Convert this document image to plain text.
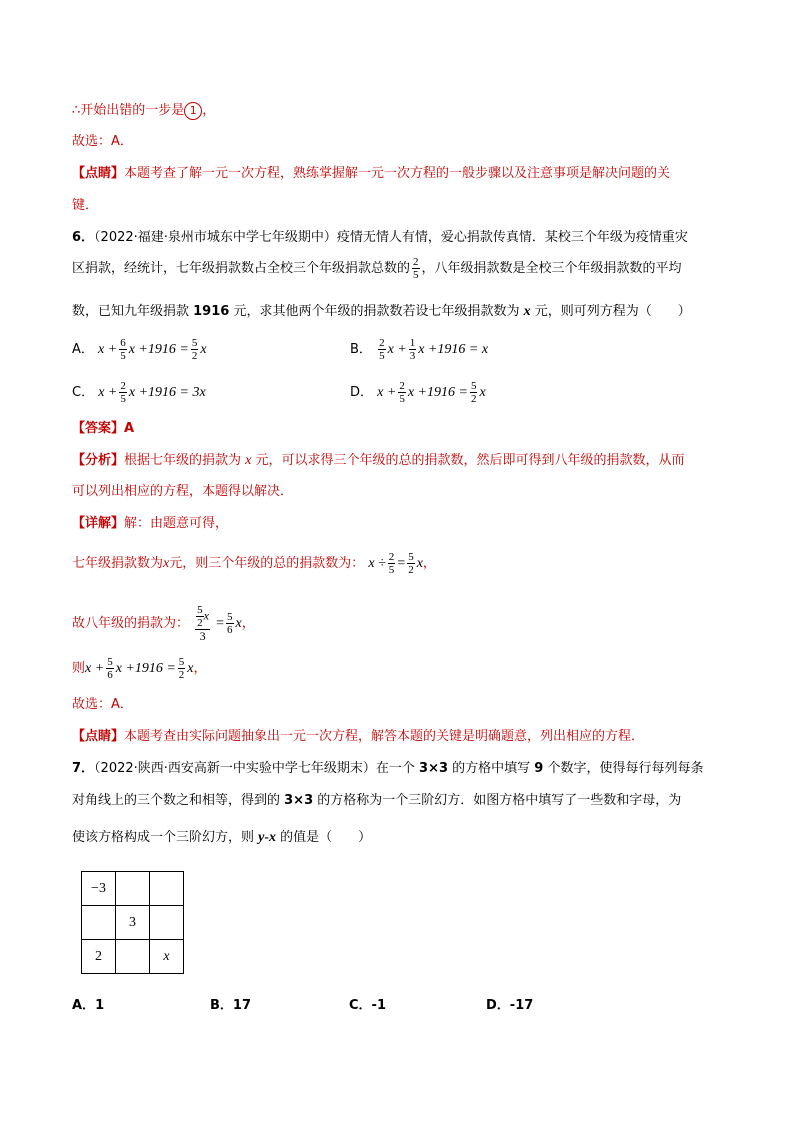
∴开始出错的一步是 1 ，
故选：A．
【点睛】本题考查了解一元一次方程，熟练掌握解一元一次方程的一般步骤以及注意事项是解决问题的关
键．
6．（2022·福建·泉州市城东中学七年级期中）疫情无情人有情，爱心捐款传真情．某校三个年级为疫情重灾
区捐款，经统计，七年级捐款数占全校三个年级捐款总数的 $\frac{2}{5}$ ，八年级捐款数是全校三个年级捐款数的平均
数，已知九年级捐款 1916 元，求其他两个年级的捐款数若设七年级捐款数为 x 元，则可列方程为（　　）
A． $x + \frac{6}{5}$ $x +1916 = \frac{5}{2}$ x	B． $\frac{2}{5}$ $x + \frac{1}{3}$ x +1916 = x
C． $x + \frac{2}{5}$ x +1916 = 3x	D． $x + \frac{2}{5}$ $x +1916 = \frac{5}{2}$ x
【答案】A
【分析】根据七年级的捐款为 x 元，可以求得三个年级的总的捐款数，然后即可得到八年级的捐款数，从而
可以列出相应的方程，本题得以解决．
【详解】解：由题意可得，
七年级捐款数为x元，则三个年级的总的捐款数为： $x \div \frac{2}{5} = \frac{5}{2}$ x，
故八年级的捐款为： $\frac{\frac{5}{2} x}{3} = \frac{5}{6}$ x，
则$x + \frac{5}{6}$ $x +1916 = \frac{5}{2}$ x，
故选：A．
【点睛】本题考查由实际问题抽象出一元一次方程，解答本题的关键是明确题意，列出相应的方程．
7．（2022·陕西·西安高新一中实验中学七年级期末）在一个 3×3 的方格中填写 9 个数字，使得每行每列每条
对角线上的三个数之和相等，得到的 3×3 的方格称为一个三阶幻方．如图方格中填写了一些数和字母，为
使该方格构成一个三阶幻方，则 y-x 的值是（　　）
−3		
	3	
2		x
A．1	B．17	C．-1	D．-17
